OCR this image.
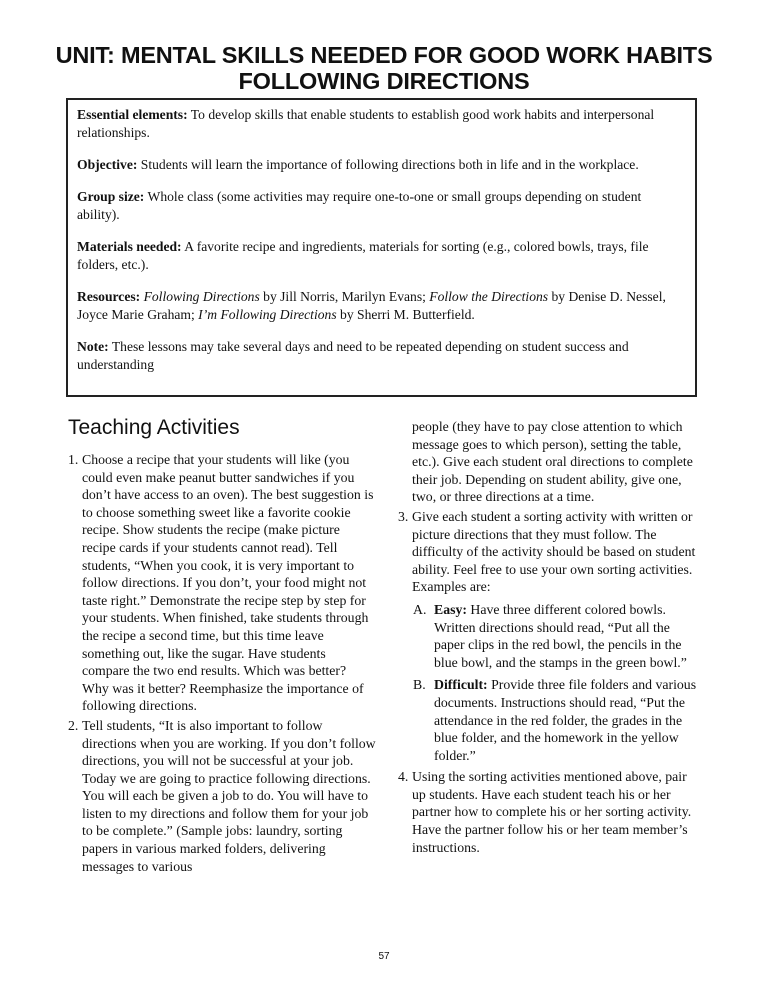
UNIT: MENTAL SKILLS NEEDED FOR GOOD WORK HABITS
FOLLOWING DIRECTIONS

Essential elements: To develop skills that enable students to establish good work habits and interpersonal relationships.

Objective: Students will learn the importance of following directions both in life and in the workplace.

Group size: Whole class (some activities may require one-to-one or small groups depending on student ability).

Materials needed: A favorite recipe and ingredients, materials for sorting (e.g., colored bowls, trays, file folders, etc.).

Resources: Following Directions by Jill Norris, Marilyn Evans; Follow the Directions by Denise D. Nessel, Joyce Marie Graham; I’m Following Directions by Sherri M. Butterfield.

Note: These lessons may take several days and need to be repeated depending on student success and understanding

Teaching Activities
1. Choose a recipe that your students will like (you could even make peanut butter sandwiches if you don’t have access to an oven). The best suggestion is to choose something sweet like a favorite cookie recipe. Show students the recipe (make picture recipe cards if your students cannot read). Tell students, “When you cook, it is very important to follow directions. If you don’t, your food might not taste right.” Demonstrate the recipe step by step for your students. When finished, take students through the recipe a second time, but this time leave something out, like the sugar. Have students compare the two end results. Which was better? Why was it better? Reemphasize the importance of following directions.
2. Tell students, “It is also important to follow directions when you are working. If you don’t follow directions, you will not be successful at your job. Today we are going to practice following directions. You will each be given a job to do. You will have to listen to my directions and follow them for your job to be complete.” (Sample jobs: laundry, sorting papers in various marked folders, delivering messages to various
people (they have to pay close attention to which message goes to which person), setting the table, etc.). Give each student oral directions to complete their job. Depending on student ability, give one, two, or three directions at a time.
3. Give each student a sorting activity with written or picture directions that they must follow. The difficulty of the activity should be based on student ability. Feel free to use your own sorting activities. Examples are:
A. Easy: Have three different colored bowls. Written directions should read, “Put all the paper clips in the red bowl, the pencils in the blue bowl, and the stamps in the green bowl.”
B. Difficult: Provide three file folders and various documents. Instructions should read, “Put the attendance in the red folder, the grades in the blue folder, and the homework in the yellow folder.”
4. Using the sorting activities mentioned above, pair up students. Have each student teach his or her partner how to complete his or her sorting activity. Have the partner follow his or her team member’s instructions.
57
